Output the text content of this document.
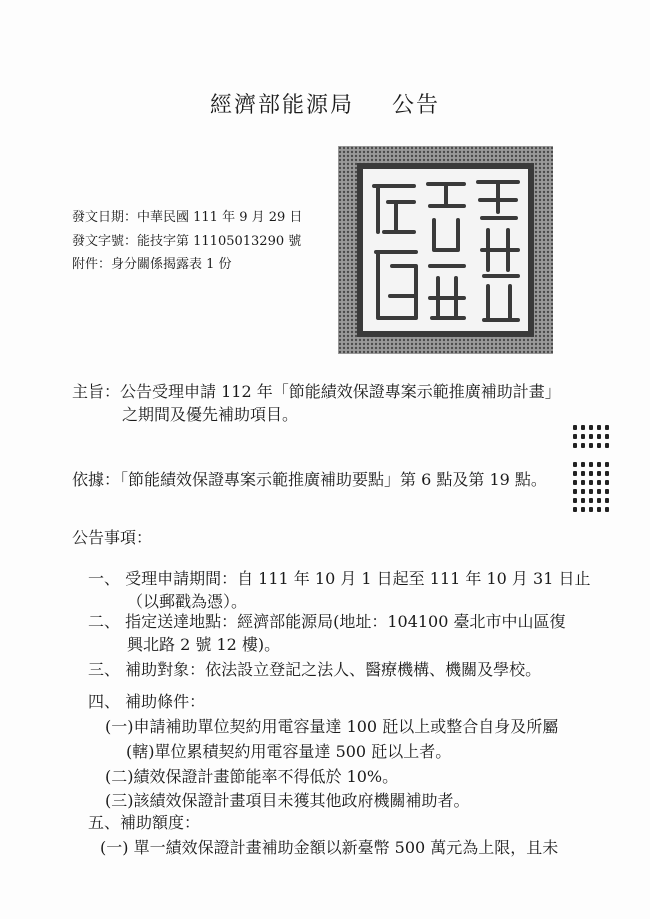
經濟部能源局 公告
發文日期：中華民國 111 年 9 月 29 日
發文字號：能技字第 11105013290 號
附件：身分關係揭露表 1 份
主旨：公告受理申請 112 年「節能績效保證專案示範推廣補助計畫」
之期間及優先補助項目。
依據：「節能績效保證專案示範推廣補助要點」第 6 點及第 19 點。
公告事項：
一、 受理申請期間：自 111 年 10 月 1 日起至 111 年 10 月 31 日止
（以郵戳為憑）。
二、 指定送達地點：經濟部能源局(地址：104100 臺北市中山區復
興北路 2 號 12 樓)。
三、 補助對象：依法設立登記之法人、醫療機構、機關及學校。
四、 補助條件：
(一)申請補助單位契約用電容量達 100 瓩以上或整合自身及所屬
(轄)單位累積契約用電容量達 500 瓩以上者。
(二)績效保證計畫節能率不得低於 10%。
(三)該績效保證計畫項目未獲其他政府機關補助者。
五、補助額度：
(一) 單一績效保證計畫補助金額以新臺幣 500 萬元為上限，且未
